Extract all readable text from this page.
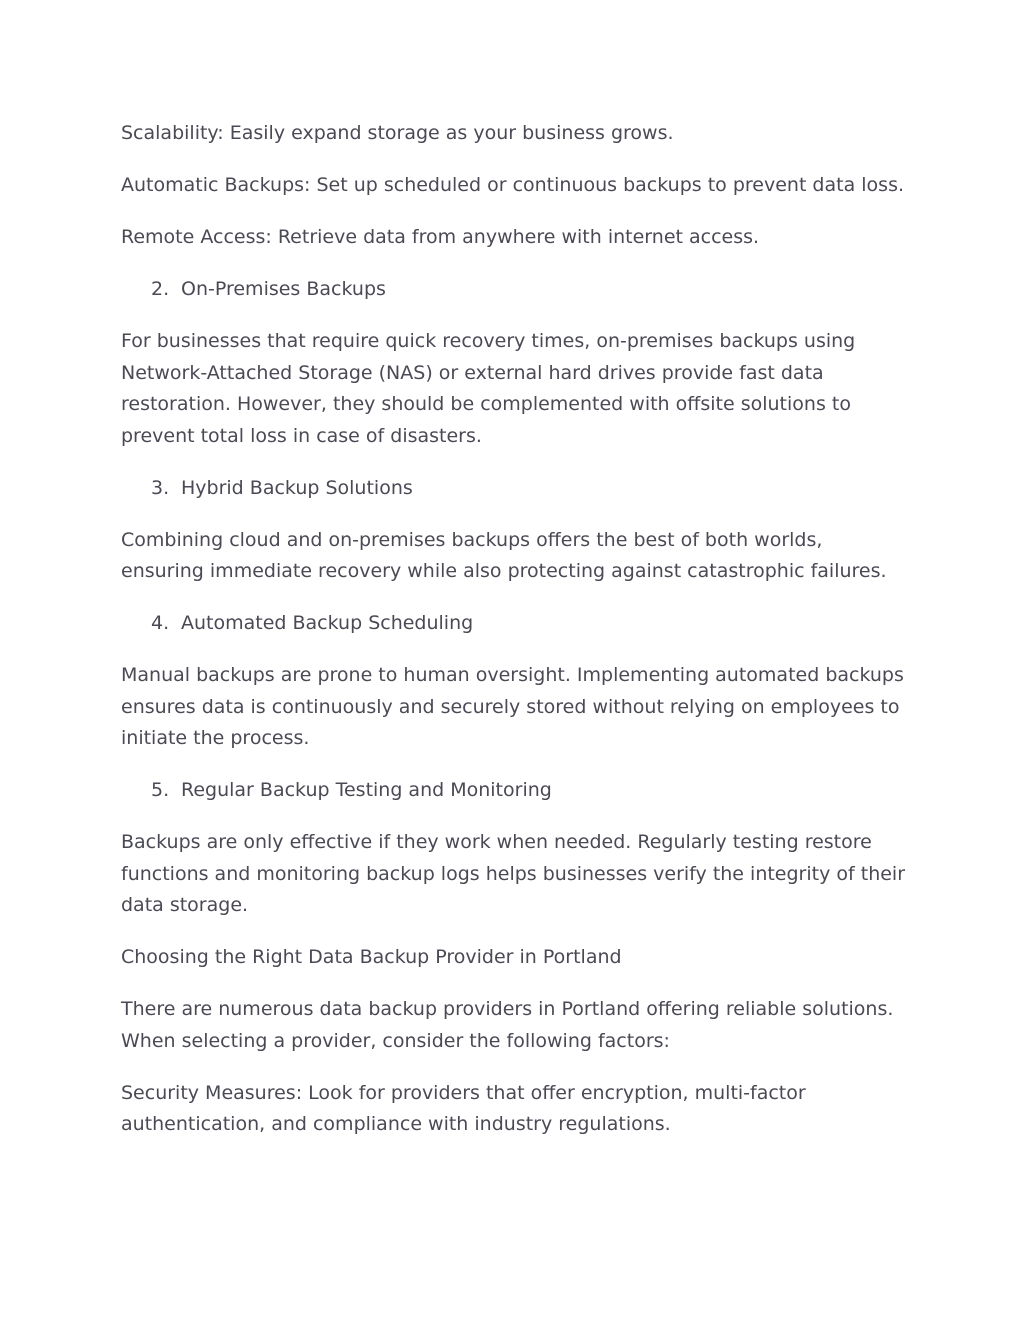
Scalability: Easily expand storage as your business grows.

Automatic Backups: Set up scheduled or continuous backups to prevent data loss.

Remote Access: Retrieve data from anywhere with internet access.

2. On-Premises Backups

For businesses that require quick recovery times, on-premises backups using Network-Attached Storage (NAS) or external hard drives provide fast data restoration. However, they should be complemented with offsite solutions to prevent total loss in case of disasters.

3. Hybrid Backup Solutions

Combining cloud and on-premises backups offers the best of both worlds, ensuring immediate recovery while also protecting against catastrophic failures.

4. Automated Backup Scheduling

Manual backups are prone to human oversight. Implementing automated backups ensures data is continuously and securely stored without relying on employees to initiate the process.

5. Regular Backup Testing and Monitoring

Backups are only effective if they work when needed. Regularly testing restore functions and monitoring backup logs helps businesses verify the integrity of their data storage.

Choosing the Right Data Backup Provider in Portland

There are numerous data backup providers in Portland offering reliable solutions. When selecting a provider, consider the following factors:

Security Measures: Look for providers that offer encryption, multi-factor authentication, and compliance with industry regulations.
